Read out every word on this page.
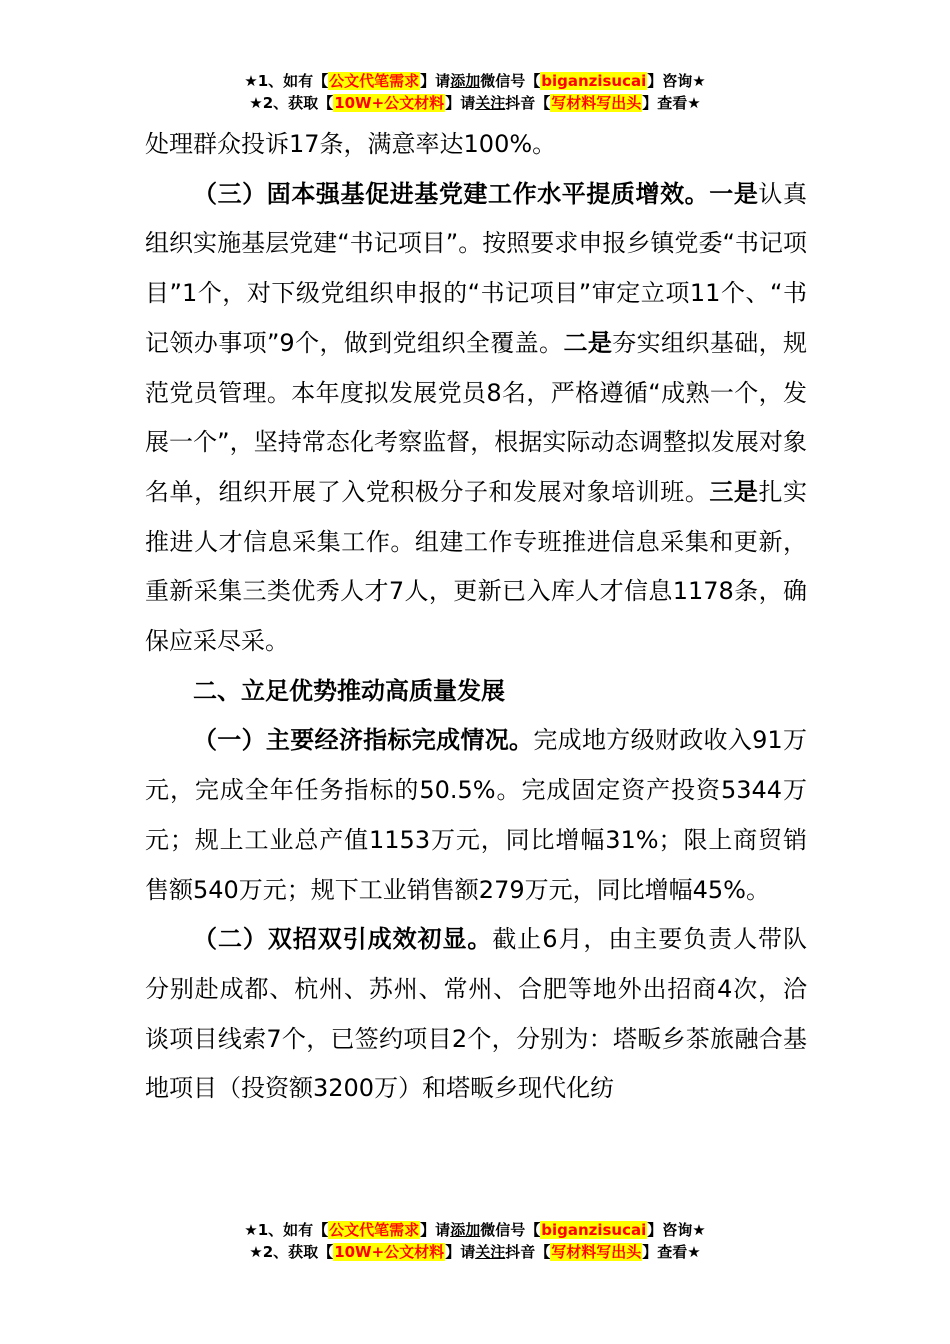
★1、如有【公文代笔需求】请添加微信号【biganzisucai】咨询★
★2、获取【10W+公文材料】请关注抖音【写材料写出头】查看★

处理群众投诉17条，满意率达100%。

（三）固本强基促进基党建工作水平提质增效。一是认真组织实施基层党建“书记项目”。按照要求申报乡镇党委“书记项目”1个，对下级党组织申报的“书记项目”审定立项11个、“书记领办事项”9个，做到党组织全覆盖。二是夯实组织基础，规范党员管理。本年度拟发展党员8名，严格遵循“成熟一个，发展一个”，坚持常态化考察监督，根据实际动态调整拟发展对象名单，组织开展了入党积极分子和发展对象培训班。三是扎实推进人才信息采集工作。组建工作专班推进信息采集和更新，重新采集三类优秀人才7人，更新已入库人才信息1178条，确保应采尽采。

二、立足优势推动高质量发展

（一）主要经济指标完成情况。完成地方级财政收入91万元，完成全年任务指标的50.5%。完成固定资产投资5344万元；规上工业总产值1153万元，同比增幅31%；限上商贸销售额540万元；规下工业销售额279万元，同比增幅45%。

（二）双招双引成效初显。截止6月，由主要负责人带队分别赴成都、杭州、苏州、常州、合肥等地外出招商4次，洽谈项目线索7个，已签约项目2个，分别为：塔畈乡茶旅融合基地项目（投资额3200万）和塔畈乡现代化纺

★1、如有【公文代笔需求】请添加微信号【biganzisucai】咨询★
★2、获取【10W+公文材料】请关注抖音【写材料写出头】查看★
